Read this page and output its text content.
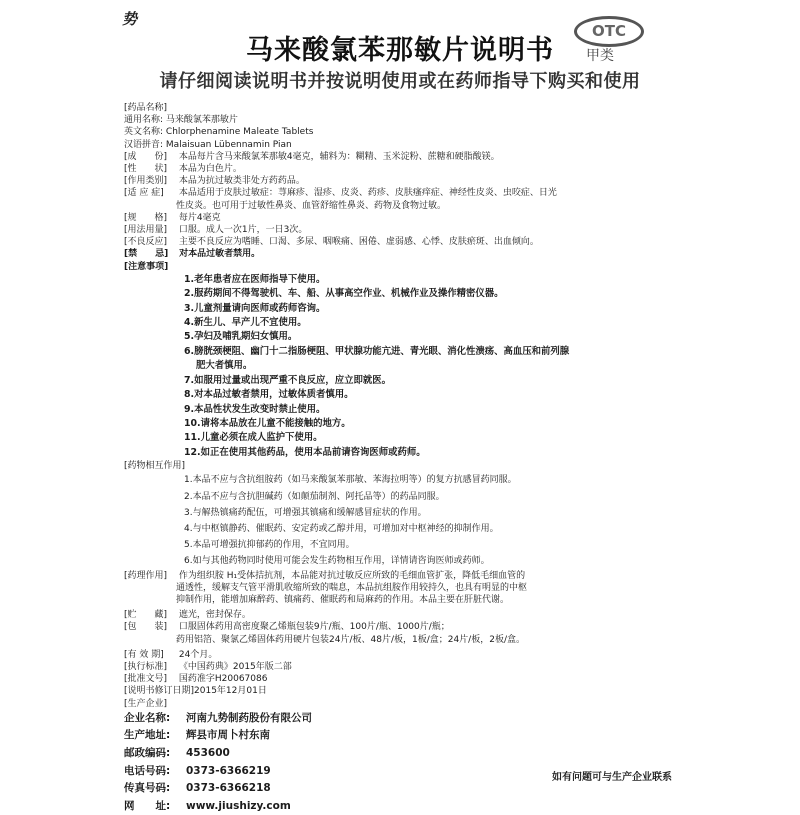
势
马来酸氯苯那敏片说明书
OTC
甲类
请仔细阅读说明书并按说明使用或在药师指导下购买和使用
[药品名称]
通用名称: 马来酸氯苯那敏片
英文名称: Chlorphenamine Maleate Tablets
汉语拼音: Malaisuan Lübennamin Pian
[成　　份] 本品每片含马来酸氯苯那敏4毫克，辅料为：糊精、玉米淀粉、蔗糖和硬脂酸镁。
[性　　状] 本品为白色片。
[作用类别] 本品为抗过敏类非处方药药品。
[适 应 症] 本品适用于皮肤过敏症：荨麻疹、湿疹、皮炎、药疹、皮肤瘙痒症、神经性皮炎、虫咬症、日光
性皮炎。也可用于过敏性鼻炎、血管舒缩性鼻炎、药物及食物过敏。
[规　　格] 每片4毫克
[用法用量] 口服。成人一次1片，一日3次。
[不良反应] 主要不良反应为嗜睡、口渴、多尿、咽喉痛、困倦、虚弱感、心悸、皮肤瘀斑、出血倾向。
[禁　　忌] 对本品过敏者禁用。
[注意事项]
1.老年患者应在医师指导下使用。
2.服药期间不得驾驶机、车、船、从事高空作业、机械作业及操作精密仪器。
3.儿童剂量请向医师或药师咨询。
4.新生儿、早产儿不宜使用。
5.孕妇及哺乳期妇女慎用。
6.膀胱颈梗阻、幽门十二指肠梗阻、甲状腺功能亢进、青光眼、消化性溃疡、高血压和前列腺
肥大者慎用。
7.如服用过量或出现严重不良反应，应立即就医。
8.对本品过敏者禁用，过敏体质者慎用。
9.本品性状发生改变时禁止使用。
10.请将本品放在儿童不能接触的地方。
11.儿童必须在成人监护下使用。
12.如正在使用其他药品，使用本品前请咨询医师或药师。
[药物相互作用]
1.本品不应与含抗组胺药（如马来酸氯苯那敏、苯海拉明等）的复方抗感冒药同服。
2.本品不应与含抗胆碱药（如颠茄制剂、阿托品等）的药品同服。
3.与解热镇痛药配伍，可增强其镇痛和缓解感冒症状的作用。
4.与中枢镇静药、催眠药、安定药或乙醇并用，可增加对中枢神经的抑制作用。
5.本品可增强抗抑郁药的作用，不宜同用。
6.如与其他药物同时使用可能会发生药物相互作用，详情请咨询医师或药师。
[药理作用] 作为组织胺 H₁受体拮抗剂，本品能对抗过敏反应所致的毛细血管扩张，降低毛细血管的
通透性，缓解支气管平滑肌收缩所致的喘息，本品抗组胺作用较持久，也具有明显的中枢
抑制作用，能增加麻醉药、镇痛药、催眠药和局麻药的作用。本品主要在肝脏代谢。
[贮　　藏] 遮光，密封保存。
[包　　装] 口服固体药用高密度聚乙烯瓶包装9片/瓶、100片/瓶、1000片/瓶；
药用铝箔、聚氯乙烯固体药用硬片包装24片/板、48片/板，1板/盒；24片/板，2板/盒。
[有 效 期] 24个月。
[执行标准] 《中国药典》2015年版二部
[批准文号] 国药准字H20067086
[说明书修订日期]2015年12月01日
[生产企业]
企业名称: 河南九势制药股份有限公司
生产地址: 辉县市周卜村东南
邮政编码: 453600
电话号码: 0373-6366219
传真号码: 0373-6366218
网　　址: www.jiushizy.com
如有问题可与生产企业联系
